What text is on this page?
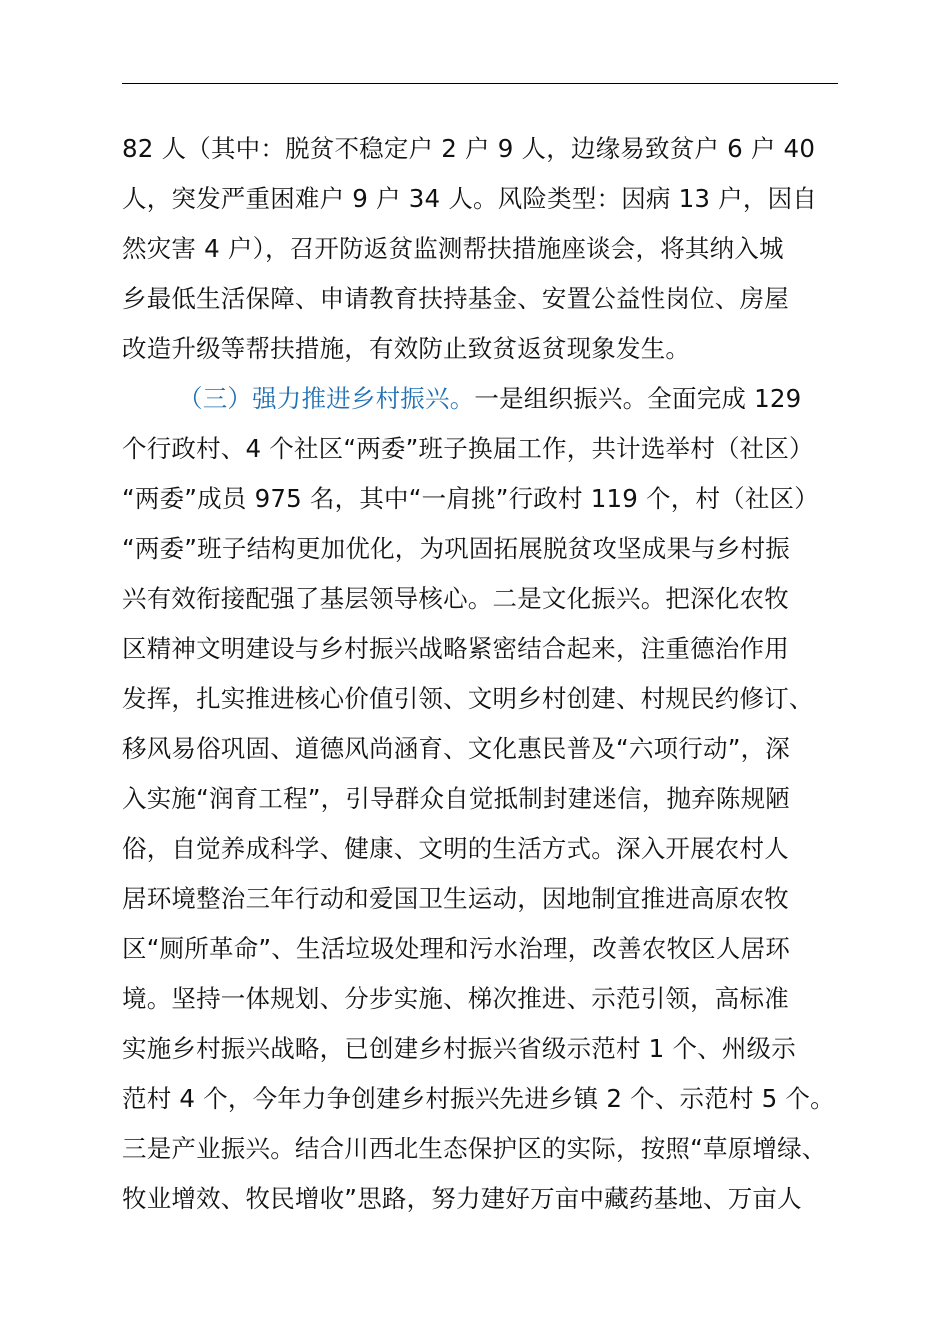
82 人（其中：脱贫不稳定户 2 户 9 人，边缘易致贫户 6 户 40
人，突发严重困难户 9 户 34 人。风险类型：因病 13 户，因自
然灾害 4 户），召开防返贫监测帮扶措施座谈会，将其纳入城
乡最低生活保障、申请教育扶持基金、安置公益性岗位、房屋
改造升级等帮扶措施，有效防止致贫返贫现象发生。
（三）强力推进乡村振兴。一是组织振兴。全面完成 129
个行政村、4 个社区“两委”班子换届工作，共计选举村（社区）
“两委”成员 975 名，其中“一肩挑”行政村 119 个，村（社区）
“两委”班子结构更加优化，为巩固拓展脱贫攻坚成果与乡村振
兴有效衔接配强了基层领导核心。二是文化振兴。把深化农牧
区精神文明建设与乡村振兴战略紧密结合起来，注重德治作用
发挥，扎实推进核心价值引领、文明乡村创建、村规民约修订、
移风易俗巩固、道德风尚涵育、文化惠民普及“六项行动”，深
入实施“润育工程”，引导群众自觉抵制封建迷信，抛弃陈规陋
俗，自觉养成科学、健康、文明的生活方式。深入开展农村人
居环境整治三年行动和爱国卫生运动，因地制宜推进高原农牧
区“厕所革命”、生活垃圾处理和污水治理，改善农牧区人居环
境。坚持一体规划、分步实施、梯次推进、示范引领，高标准
实施乡村振兴战略，已创建乡村振兴省级示范村 1 个、州级示
范村 4 个，今年力争创建乡村振兴先进乡镇 2 个、示范村 5 个。
三是产业振兴。结合川西北生态保护区的实际，按照“草原增绿、
牧业增效、牧民增收”思路，努力建好万亩中藏药基地、万亩人
